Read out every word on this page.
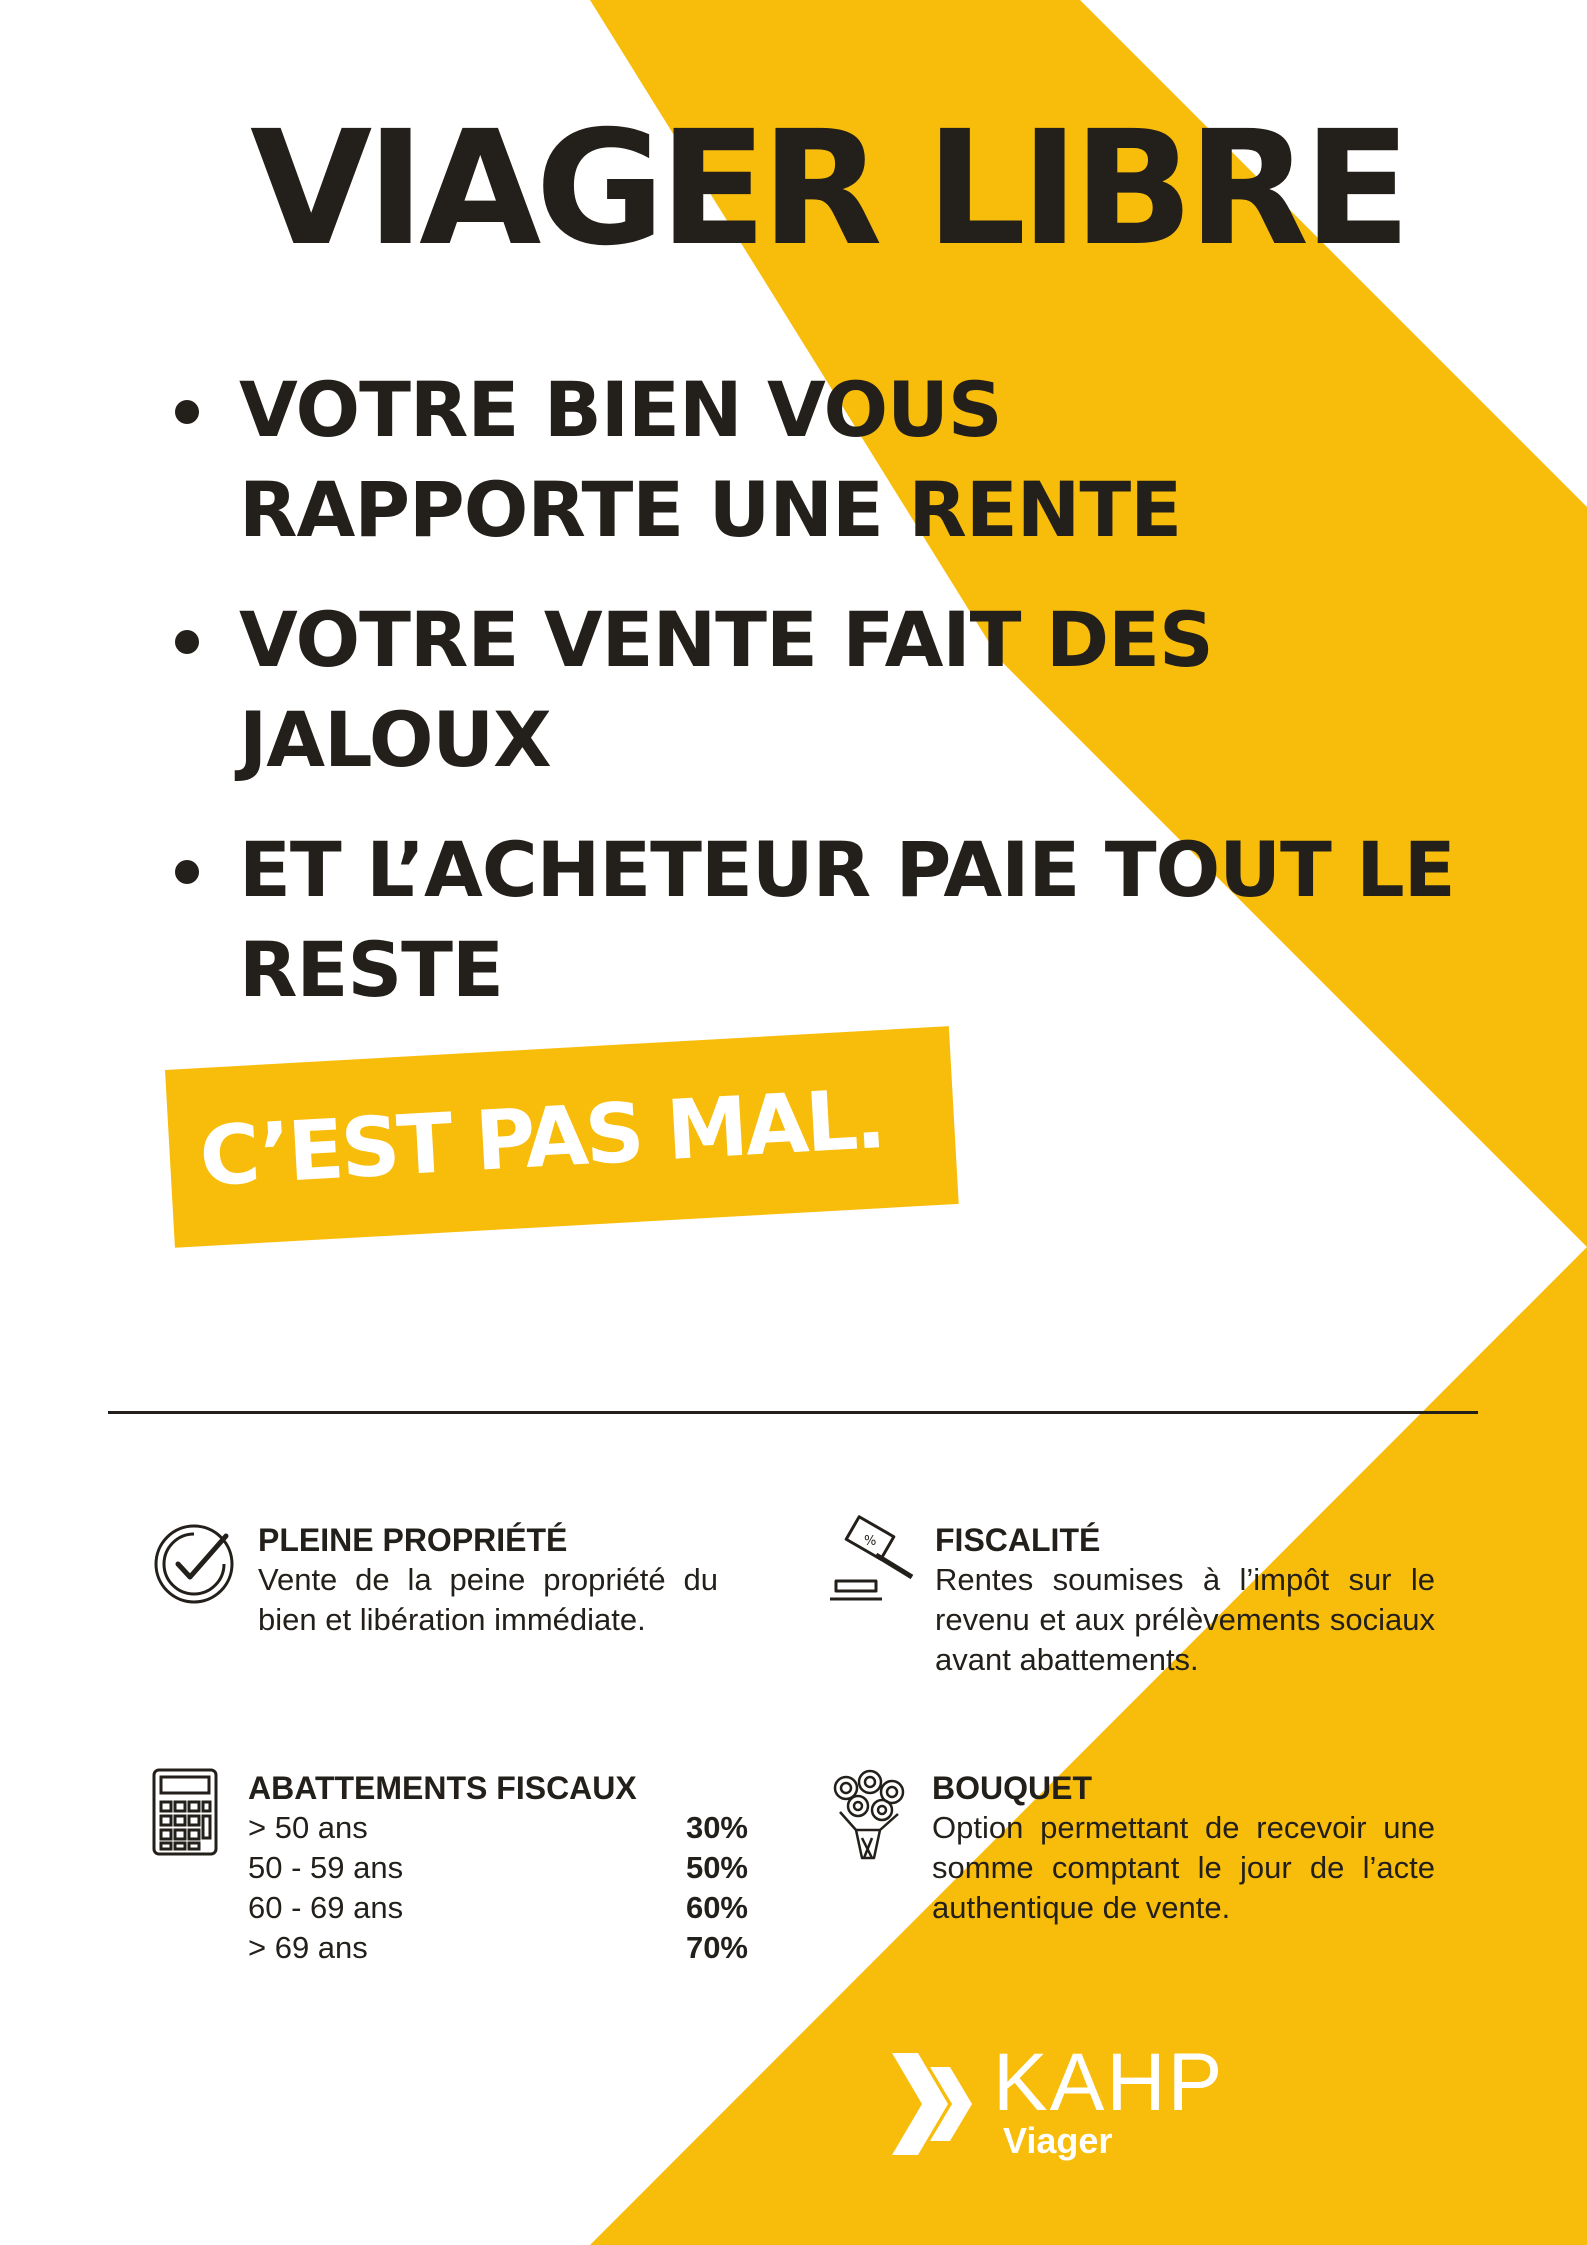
VIAGER LIBRE
VOTRE BIEN VOUS RAPPORTE UNE RENTE
VOTRE VENTE FAIT DES JALOUX
ET L’ACHETEUR PAIE TOUT LE RESTE
C’EST PAS MAL.
PLEINE PROPRIÉTÉ
Vente de la peine propriété du bien et libération immédiate.
% FISCALITÉ
Rentes soumises à l’impôt sur le revenu et aux prélèvements sociaux avant abattements.
ABATTEMENTS FISCAUX
> 50 ans	30%
50 - 59 ans	50%
60 - 69 ans	60%
> 69 ans	70%
BOUQUET
Option permettant de recevoir une somme comptant le jour de l’acte authentique de vente.
KAHP
Viager
